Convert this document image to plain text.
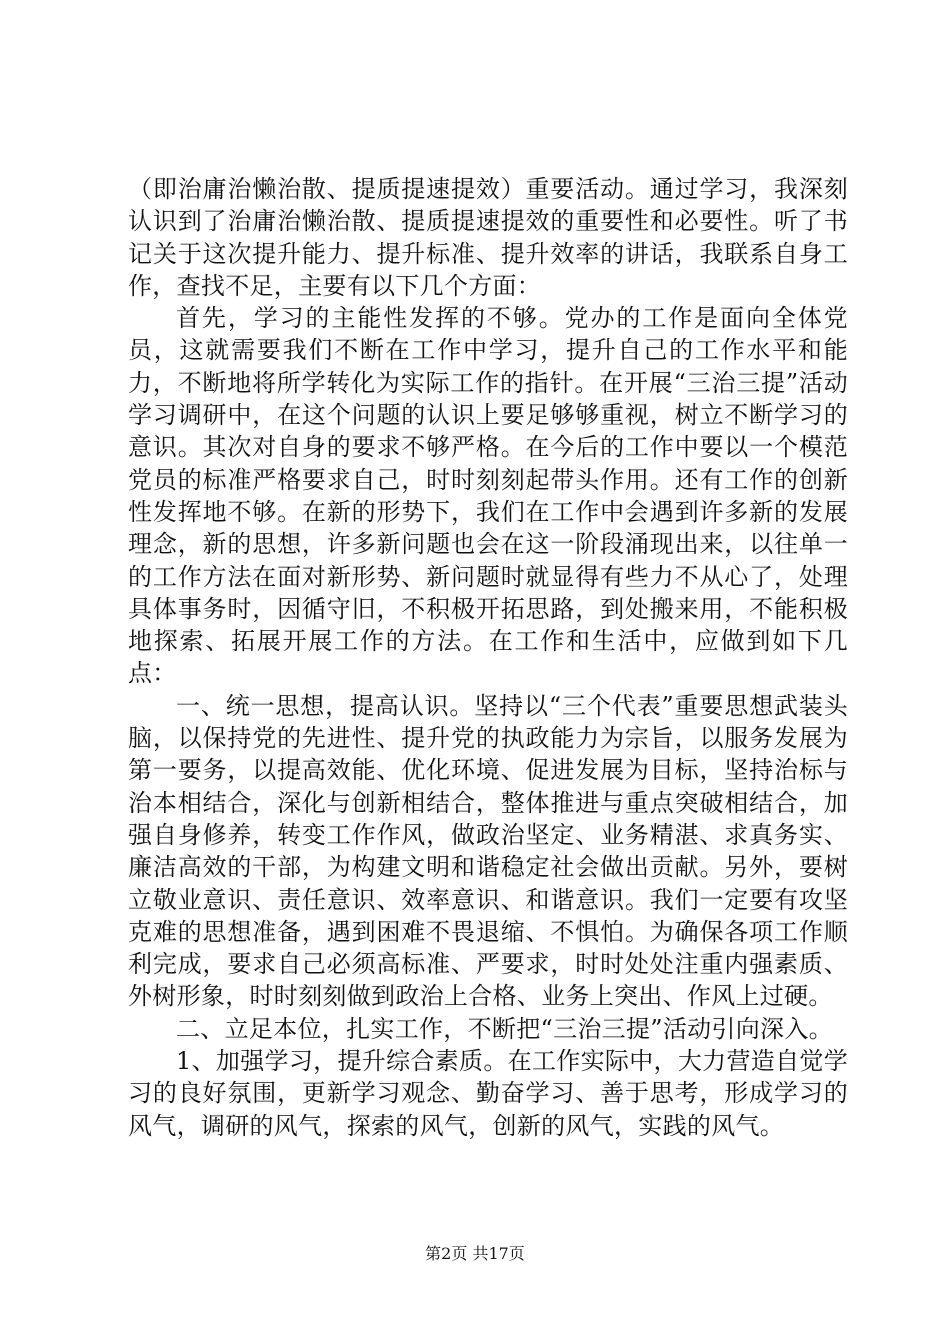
（即治庸治懒治散、提质提速提效）重要活动。通过学习，我深刻认识到了治庸治懒治散、提质提速提效的重要性和必要性。听了书记关于这次提升能力、提升标准、提升效率的讲话，我联系自身工作，查找不足，主要有以下几个方面：

首先，学习的主能性发挥的不够。党办的工作是面向全体党员，这就需要我们不断在工作中学习，提升自己的工作水平和能力，不断地将所学转化为实际工作的指针。在开展“三治三提”活动学习调研中，在这个问题的认识上要足够够重视，树立不断学习的意识。其次对自身的要求不够严格。在今后的工作中要以一个模范党员的标准严格要求自己，时时刻刻起带头作用。还有工作的创新性发挥地不够。在新的形势下，我们在工作中会遇到许多新的发展理念，新的思想，许多新问题也会在这一阶段涌现出来，以往单一的工作方法在面对新形势、新问题时就显得有些力不从心了，处理具体事务时，因循守旧，不积极开拓思路，到处搬来用，不能积极地探索、拓展开展工作的方法。在工作和生活中，应做到如下几点：

一、统一思想，提高认识。坚持以“三个代表”重要思想武装头脑，以保持党的先进性、提升党的执政能力为宗旨，以服务发展为第一要务，以提高效能、优化环境、促进发展为目标，坚持治标与治本相结合，深化与创新相结合，整体推进与重点突破相结合，加强自身修养，转变工作作风，做政治坚定、业务精湛、求真务实、廉洁高效的干部，为构建文明和谐稳定社会做出贡献。另外，要树立敬业意识、责任意识、效率意识、和谐意识。我们一定要有攻坚克难的思想准备，遇到困难不畏退缩、不惧怕。为确保各项工作顺利完成，要求自己必须高标准、严要求，时时处处注重内强素质、外树形象，时时刻刻做到政治上合格、业务上突出、作风上过硬。

二、立足本位，扎实工作，不断把“三治三提”活动引向深入。

1、加强学习，提升综合素质。在工作实际中，大力营造自觉学习的良好氛围，更新学习观念、勤奋学习、善于思考，形成学习的风气，调研的风气，探索的风气，创新的风气，实践的风气。

第2页 共17页
